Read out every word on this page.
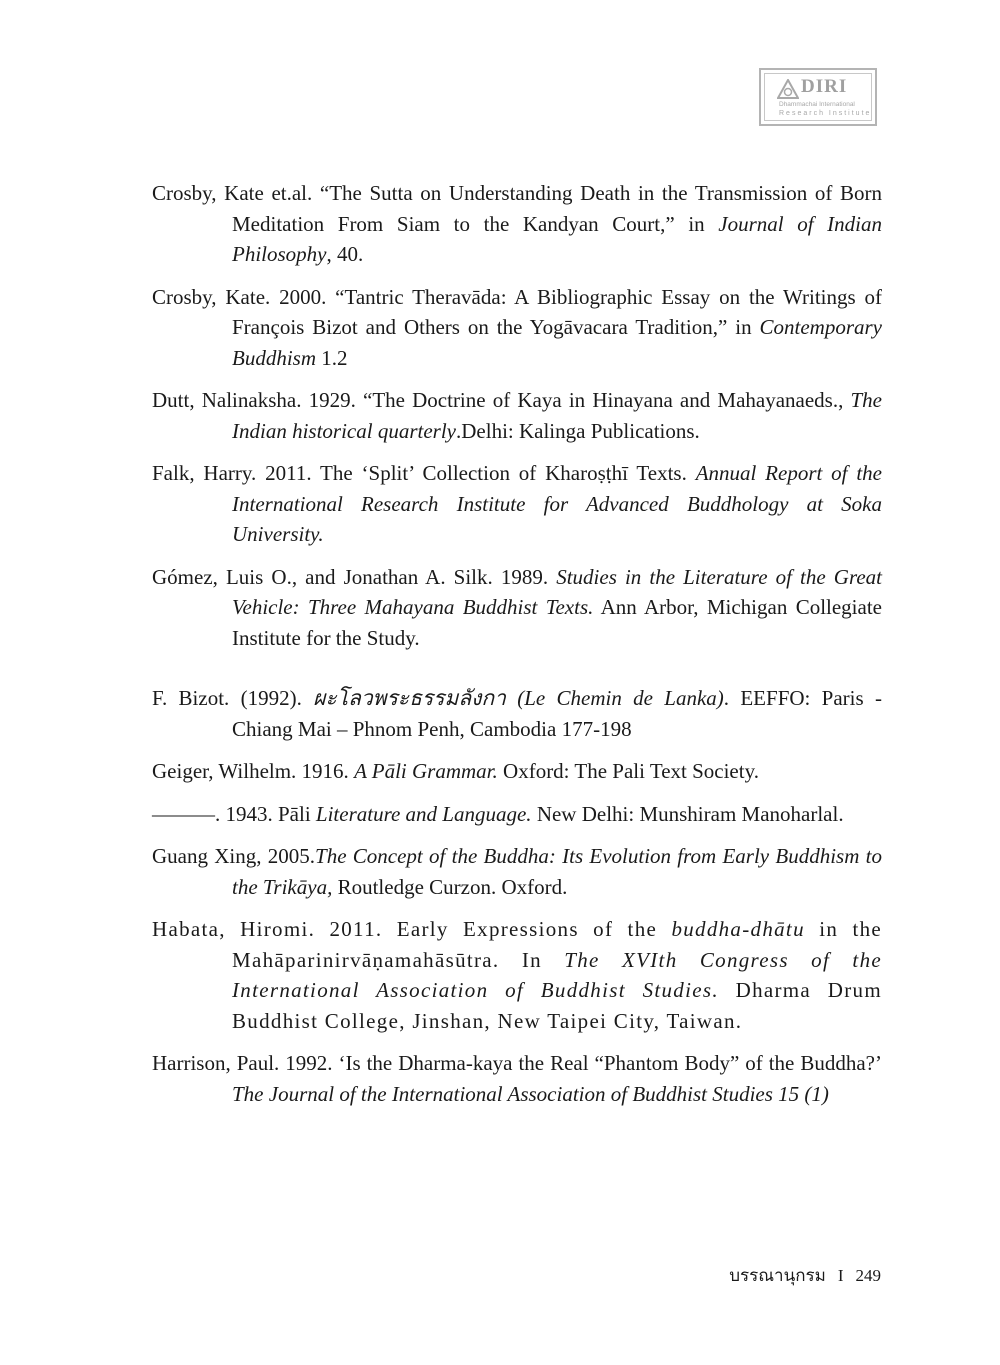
DIRI
Dhammachai International
Research Institute

Crosby, Kate et.al. “The Sutta on Understanding Death in the Transmission of Born Meditation From Siam to the Kandyan Court,” in Journal of Indian Philosophy, 40.

Crosby, Kate. 2000. “Tantric Theravāda: A Bibliographic Essay on the Writings of François Bizot and Others on the Yogāvacara Tradition,” in Contemporary Buddhism 1.2

Dutt, Nalinaksha. 1929. “The Doctrine of Kaya in Hinayana and Mahayanaeds., The Indian historical quarterly.Delhi: Kalinga Publications.

Falk, Harry. 2011. The ‘Split’ Collection of Kharoṣṭhī Texts. Annual Report of the International Research Institute for Advanced Buddhology at Soka University.

Gómez, Luis O., and Jonathan A. Silk. 1989. Studies in the Literature of the Great Vehicle: Three Mahayana Buddhist Texts. Ann Arbor, Michigan Collegiate Institute for the Study.

F. Bizot. (1992). ผะโลวพระธรรมลังกา (Le Chemin de Lanka). EEFFO: Paris - Chiang Mai – Phnom Penh, Cambodia 177-198

Geiger, Wilhelm. 1916. A Pāli Grammar. Oxford: The Pali Text Society.

———. 1943. Pāli Literature and Language. New Delhi: Munshiram Manoharlal.

Guang Xing, 2005.The Concept of the Buddha: Its Evolution from Early Buddhism to the Trikāya, Routledge Curzon. Oxford.

Habata, Hiromi. 2011. Early Expressions of the buddha-dhātu in the Mahāparinirvāṇamahāsūtra. In The XVIth Congress of the International Association of Buddhist Studies. Dharma Drum Buddhist College, Jinshan, New Taipei City, Taiwan.

Harrison, Paul. 1992. ‘Is the Dharma-kaya the Real “Phantom Body” of the Buddha?’ The Journal of the International Association of Buddhist Studies 15 (1)

บรรณานุกรม I 249
